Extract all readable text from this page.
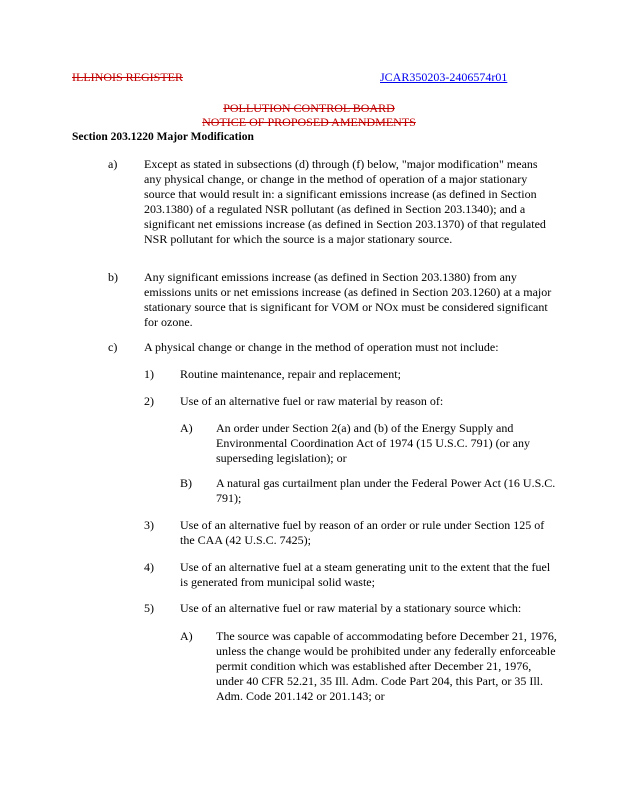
ILLINOIS REGISTER	JCAR350203-2406574r01
POLLUTION CONTROL BOARD
NOTICE OF PROPOSED AMENDMENTS
Section 203.1220 Major Modification
a) Except as stated in subsections (d) through (f) below, "major modification" means any physical change, or change in the method of operation of a major stationary source that would result in: a significant emissions increase (as defined in Section 203.1380) of a regulated NSR pollutant (as defined in Section 203.1340); and a significant net emissions increase (as defined in Section 203.1370) of that regulated NSR pollutant for which the source is a major stationary source.
b) Any significant emissions increase (as defined in Section 203.1380) from any emissions units or net emissions increase (as defined in Section 203.1260) at a major stationary source that is significant for VOM or NOx must be considered significant for ozone.
c) A physical change or change in the method of operation must not include:
1) Routine maintenance, repair and replacement;
2) Use of an alternative fuel or raw material by reason of:
A) An order under Section 2(a) and (b) of the Energy Supply and Environmental Coordination Act of 1974 (15 U.S.C. 791) (or any superseding legislation); or
B) A natural gas curtailment plan under the Federal Power Act (16 U.S.C. 791);
3) Use of an alternative fuel by reason of an order or rule under Section 125 of the CAA (42 U.S.C. 7425);
4) Use of an alternative fuel at a steam generating unit to the extent that the fuel is generated from municipal solid waste;
5) Use of an alternative fuel or raw material by a stationary source which:
A) The source was capable of accommodating before December 21, 1976, unless the change would be prohibited under any federally enforceable permit condition which was established after December 21, 1976, under 40 CFR 52.21, 35 Ill. Adm. Code Part 204, this Part, or 35 Ill. Adm. Code 201.142 or 201.143; or
